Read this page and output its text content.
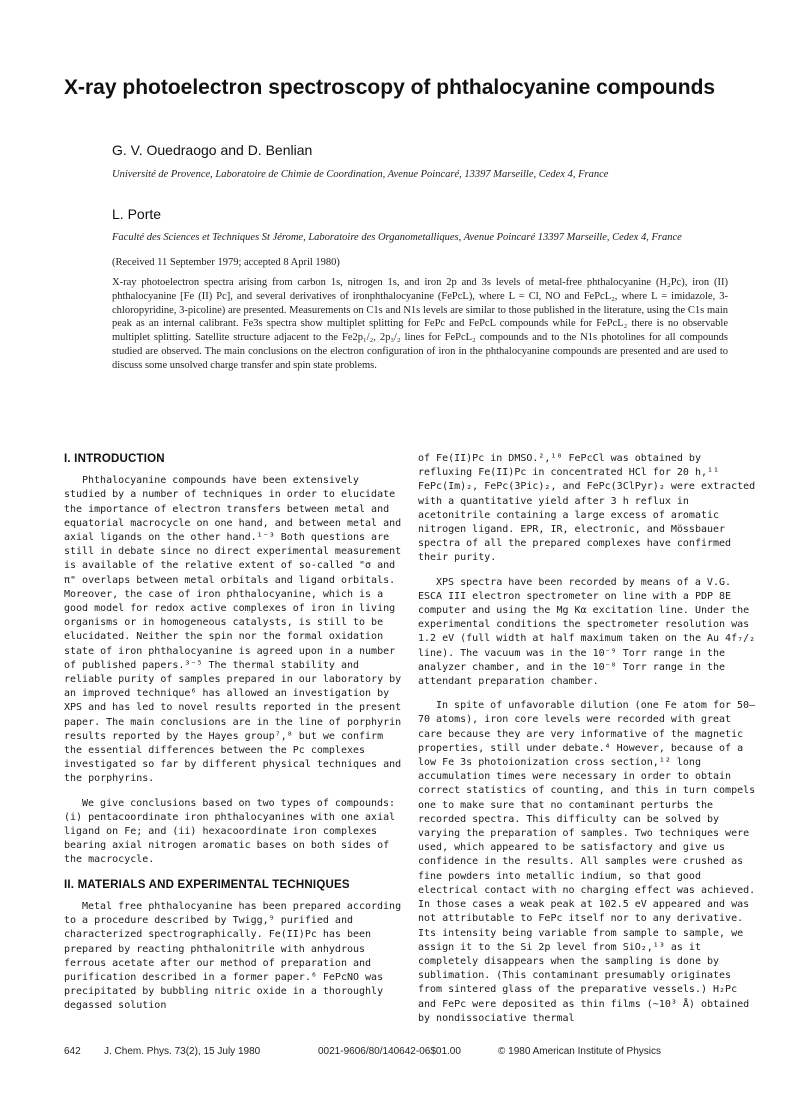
X-ray photoelectron spectroscopy of phthalocyanine compounds
G. V. Ouedraogo and D. Benlian
Université de Provence, Laboratoire de Chimie de Coordination, Avenue Poincaré, 13397 Marseille, Cedex 4, France
L. Porte
Faculté des Sciences et Techniques St Jérome, Laboratoire des Organometalliques, Avenue Poincaré 13397 Marseille, Cedex 4, France
(Received 11 September 1979; accepted 8 April 1980)
X-ray photoelectron spectra arising from carbon 1s, nitrogen 1s, and iron 2p and 3s levels of metal-free phthalocyanine (H₂Pc), iron (II) phthalocyanine [Fe (II) Pc], and several derivatives of ironphthalocyanine (FePcL), where L = Cl, NO and FePcL₂, where L = imidazole, 3-chloropyridine, 3-picoline) are presented. Measurements on C1s and N1s levels are similar to those published in the literature, using the C1s main peak as an internal calibrant. Fe3s spectra show multiplet splitting for FePc and FePcL compounds while for FePcL₂ there is no observable multiplet splitting. Satellite structure adjacent to the Fe2p₁/₂, 2p₃/₂ lines for FePcL₂ compounds and to the N1s photolines for all compounds studied are observed. The main conclusions on the electron configuration of iron in the phthalocyanine compounds are presented and are used to discuss some unsolved charge transfer and spin state problems.
I. INTRODUCTION

Phthalocyanine compounds have been extensively studied by a number of techniques in order to elucidate the importance of electron transfers between metal and equatorial macrocycle on one hand, and between metal and axial ligands on the other hand.¹⁻³ Both questions are still in debate since no direct experimental measurement is available of the relative extent of so-called "σ and π" overlaps between metal orbitals and ligand orbitals. Moreover, the case of iron phthalocyanine, which is a good model for redox active complexes of iron in living organisms or in homogeneous catalysts, is still to be elucidated. Neither the spin nor the formal oxidation state of iron phthalocyanine is agreed upon in a number of published papers.³⁻⁵ The thermal stability and reliable purity of samples prepared in our laboratory by an improved technique⁶ has allowed an investigation by XPS and has led to novel results reported in the present paper. The main conclusions are in the line of porphyrin results reported by the Hayes group⁷,⁸ but we confirm the essential differences between the Pc complexes investigated so far by different physical techniques and the porphyrins.

We give conclusions based on two types of compounds: (i) pentacoordinate iron phthalocyanines with one axial ligand on Fe; and (ii) hexacoordinate iron complexes bearing axial nitrogen aromatic bases on both sides of the macrocycle.

II. MATERIALS AND EXPERIMENTAL TECHNIQUES

Metal free phthalocyanine has been prepared according to a procedure described by Twigg,⁹ purified and characterized spectrographically. Fe(II)Pc has been prepared by reacting phthalonitrile with anhydrous ferrous acetate after our method of preparation and purification described in a former paper.⁶ FePcNO was precipitated by bubbling nitric oxide in a thoroughly degassed solution

of Fe(II)Pc in DMSO.²,¹⁰ FePcCl was obtained by refluxing Fe(II)Pc in concentrated HCl for 20 h,¹¹ FePc(Im)₂, FePc(3Pic)₂, and FePc(3ClPyr)₂ were extracted with a quantitative yield after 3 h reflux in acetonitrile containing a large excess of aromatic nitrogen ligand. EPR, IR, electronic, and Mössbauer spectra of all the prepared complexes have confirmed their purity.

XPS spectra have been recorded by means of a V.G. ESCA III electron spectrometer on line with a PDP 8E computer and using the Mg Kα excitation line. Under the experimental conditions the spectrometer resolution was 1.2 eV (full width at half maximum taken on the Au 4f₇/₂ line). The vacuum was in the 10⁻⁹ Torr range in the analyzer chamber, and in the 10⁻⁸ Torr range in the attendant preparation chamber.

In spite of unfavorable dilution (one Fe atom for 50–70 atoms), iron core levels were recorded with great care because they are very informative of the magnetic properties, still under debate.⁴ However, because of a low Fe 3s photoionization cross section,¹² long accumulation times were necessary in order to obtain correct statistics of counting, and this in turn compels one to make sure that no contaminant perturbs the recorded spectra. This difficulty can be solved by varying the preparation of samples. Two techniques were used, which appeared to be satisfactory and give us confidence in the results. All samples were crushed as fine powders into metallic indium, so that good electrical contact with no charging effect was achieved. In those cases a weak peak at 102.5 eV appeared and was not attributable to FePc itself nor to any derivative. Its intensity being variable from sample to sample, we assign it to the Si 2p level from SiO₂,¹³ as it completely disappears when the sampling is done by sublimation. (This contaminant presumably originates from sintered glass of the preparative vessels.) H₂Pc and FePc were deposited as thin films (~10³ Å) obtained by nondissociative thermal

642 J. Chem. Phys. 73(2), 15 July 1980	0021-9606/80/140642-06$01.00	© 1980 American Institute of Physics
